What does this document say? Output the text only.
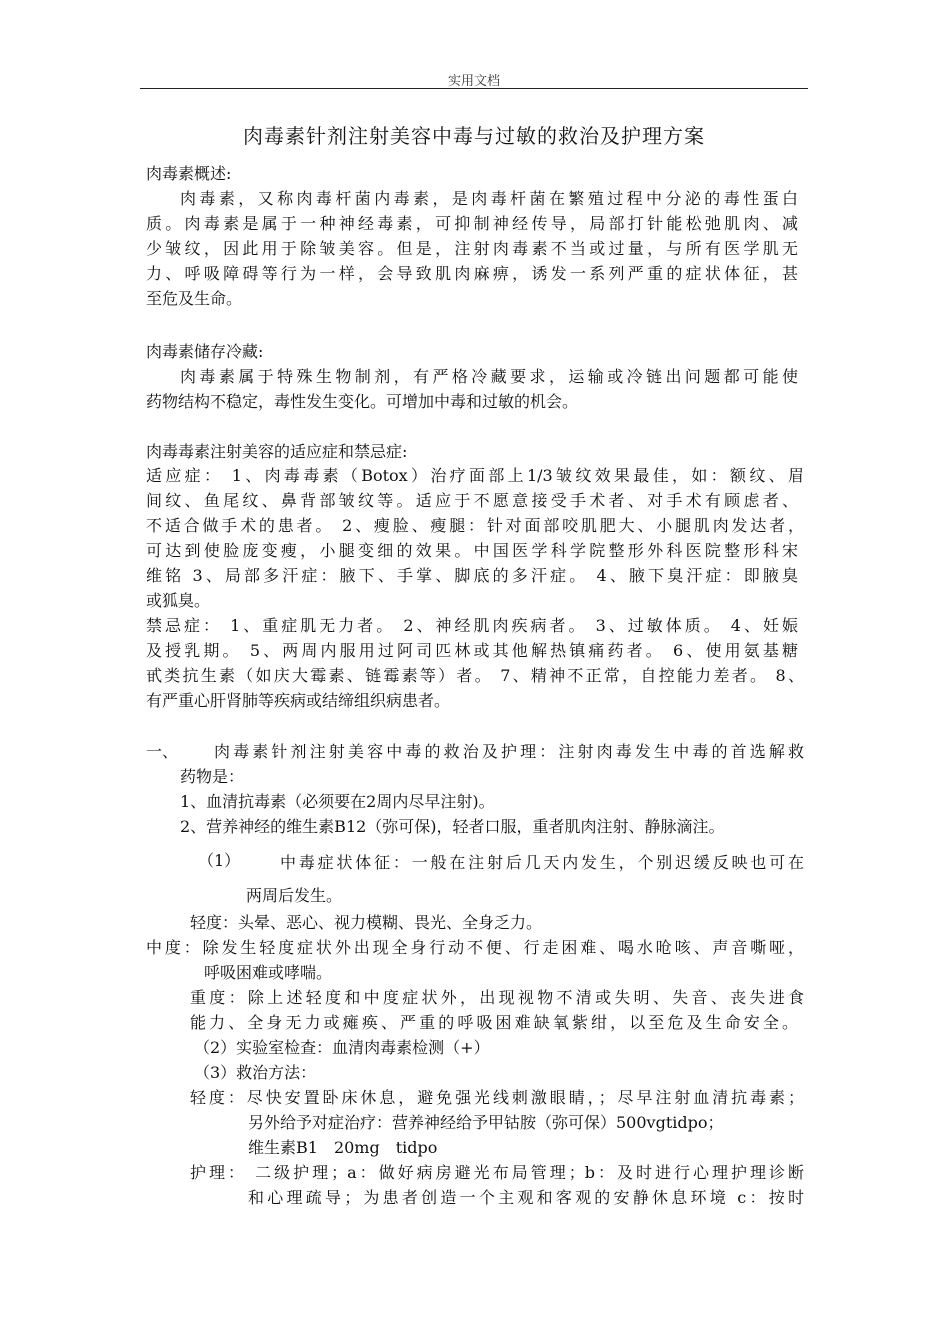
实用文档
肉毒素针剂注射美容中毒与过敏的救治及护理方案
肉毒素概述:
肉毒素，又称肉毒杆菌内毒素，是肉毒杆菌在繁殖过程中分泌的毒性蛋白
质。肉毒素是属于一种神经毒素，可抑制神经传导，局部打针能松弛肌肉、减
少皱纹，因此用于除皱美容。但是，注射肉毒素不当或过量，与所有医学肌无
力、呼吸障碍等行为一样，会导致肌肉麻痹，诱发一系列严重的症状体征，甚
至危及生命。
肉毒素储存冷藏:
肉毒素属于特殊生物制剂，有严格冷藏要求，运输或冷链出问题都可能使
药物结构不稳定，毒性发生变化。可增加中毒和过敏的机会。
肉毒毒素注射美容的适应症和禁忌症:
适应症： 1、肉毒毒素（Botox）治疗面部上1/3皱纹效果最佳，如：额纹、眉
间纹、鱼尾纹、鼻背部皱纹等。适应于不愿意接受手术者、对手术有顾虑者、
不适合做手术的患者。 2、瘦脸、瘦腿：针对面部咬肌肥大、小腿肌肉发达者，
可达到使脸庞变瘦，小腿变细的效果。中国医学科学院整形外科医院整形科宋
维铭 3、局部多汗症：腋下、手掌、脚底的多汗症。 4、腋下臭汗症：即腋臭
或狐臭。
禁忌症： 1、重症肌无力者。 2、神经肌肉疾病者。 3、过敏体质。 4、妊娠
及授乳期。 5、两周内服用过阿司匹林或其他解热镇痛药者。 6、使用氨基糖
甙类抗生素（如庆大霉素、链霉素等）者。 7、精神不正常，自控能力差者。 8、
有严重心肝肾肺等疾病或结缔组织病患者。
一、 肉毒素针剂注射美容中毒的救治及护理：注射肉毒发生中毒的首选解救
药物是：
1、血清抗毒素（必须要在2周内尽早注射)。
2、营养神经的维生素B12（弥可保)，轻者口服，重者肌肉注射、静脉滴注。
（1） 中毒症状体征：一般在注射后几天内发生，个别迟缓反映也可在
两周后发生。
轻度：头晕、恶心、视力模糊、畏光、全身乏力。
中度：除发生轻度症状外出现全身行动不便、行走困难、喝水呛咳、声音嘶哑，
呼吸困难或哮喘。
重度：除上述轻度和中度症状外，出现视物不清或失明、失音、丧失进食
能力、全身无力或瘫痪、严重的呼吸困难缺氧紫绀，以至危及生命安全。
（2）实验室检查：血清肉毒素检测（+）
（3）救治方法：
轻度：尽快安置卧床休息，避免强光线刺激眼睛，；尽早注射血清抗毒素；
另外给予对症治疗：营养神经给予甲钴胺（弥可保）500vgtidpo；
维生素B1　20mg　tidpo
护理： 二级护理；a：做好病房避光布局管理；b：及时进行心理护理诊断
和心理疏导；为患者创造一个主观和客观的安静休息环境 c：按时
